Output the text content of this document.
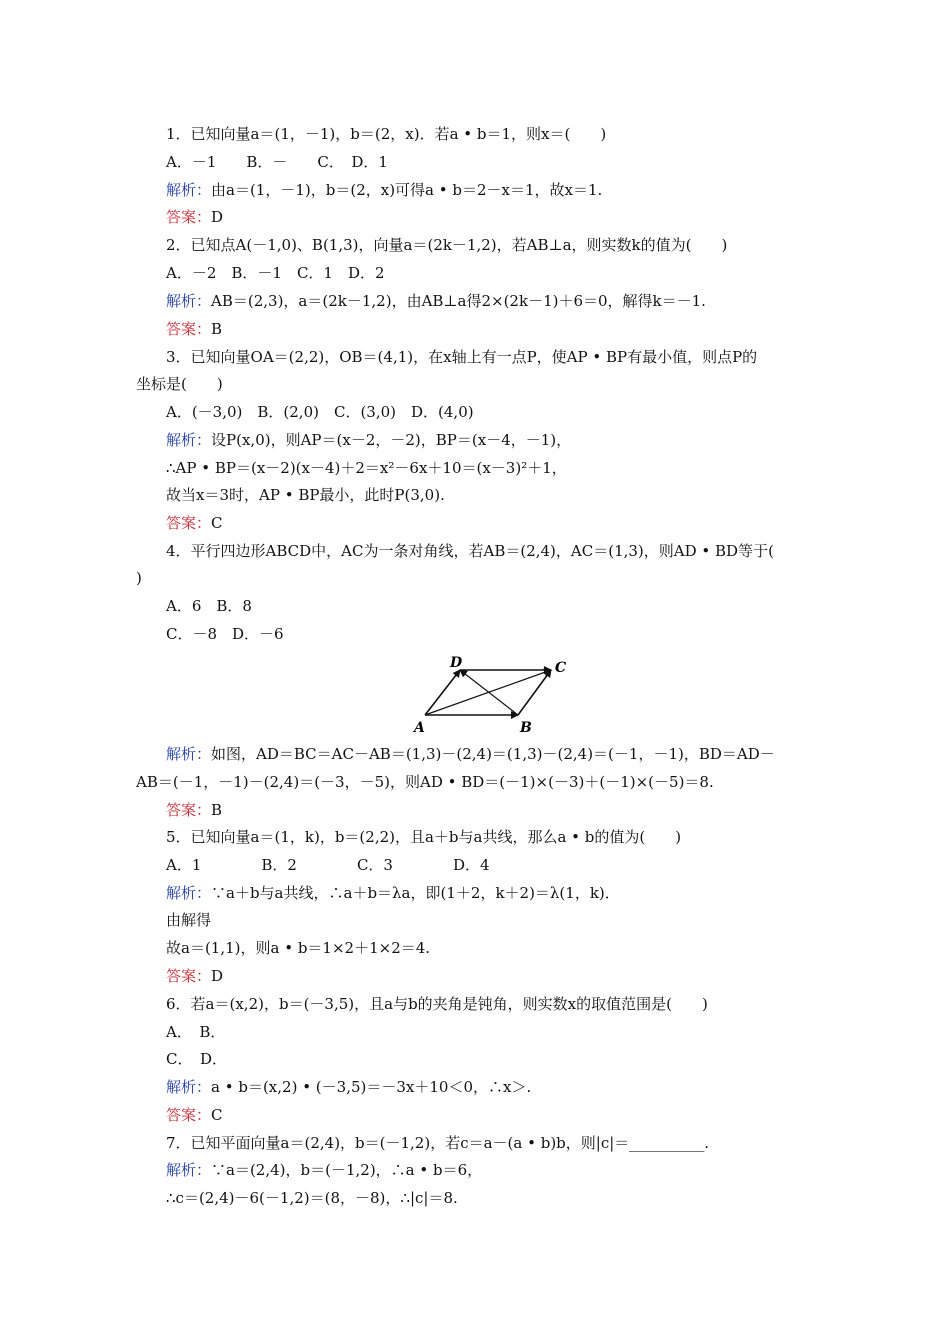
1．已知向量a＝(1，－1)，b＝(2，x)．若a • b＝1，则x＝(　　)
A．－1　　B．－　　C．　D．1
解析：由a＝(1，－1)，b＝(2，x)可得a • b＝2－x＝1，故x＝1.
答案：D
2．已知点A(－1,0)、B(1,3)，向量a＝(2k－1,2)，若AB⊥a，则实数k的值为(　　)
A．－2　B．－1　C．1　D．2
解析：AB＝(2,3)，a＝(2k－1,2)，由AB⊥a得2×(2k－1)＋6＝0，解得k＝－1.
答案：B
3．已知向量OA＝(2,2)，OB＝(4,1)，在x轴上有一点P，使AP • BP有最小值，则点P的
坐标是(　　)
A．(－3,0)　B．(2,0)　C．(3,0)　D．(4,0)
解析：设P(x,0)，则AP＝(x－2，－2)，BP＝(x－4，－1)，
∴AP • BP＝(x－2)(x－4)＋2＝x²－6x＋10＝(x－3)²＋1，
故当x＝3时，AP • BP最小，此时P(3,0).
答案：C
4．平行四边形ABCD中，AC为一条对角线，若AB＝(2,4)，AC＝(1,3)，则AD • BD等于(
)
A．6　B．8
C．－8　D．－6
D	C
A	B
解析：如图，AD＝BC＝AC－AB＝(1,3)－(2,4)＝(1,3)－(2,4)＝(－1，－1)，BD＝AD－
AB＝(－1，－1)－(2,4)＝(－3，－5)，则AD • BD＝(－1)×(－3)＋(－1)×(－5)＝8.
答案：B
5．已知向量a＝(1，k)，b＝(2,2)，且a＋b与a共线，那么a • b的值为(　　)
A．1　　　　B．2　　　　C．3　　　　D．4
解析：∵a＋b与a共线，∴a＋b＝λa，即(1＋2，k＋2)＝λ(1，k)．
由解得
故a＝(1,1)，则a • b＝1×2＋1×2＝4.
答案：D
6．若a＝(x,2)，b＝(－3,5)，且a与b的夹角是钝角，则实数x的取值范围是(　　)
A．　B．
C．　D．
解析：a • b＝(x,2) • (－3,5)＝－3x＋10＜0，∴x＞.
答案：C
7．已知平面向量a＝(2,4)，b＝(－1,2)，若c＝a－(a • b)b，则|c|＝__________.
解析：∵a＝(2,4)，b＝(－1,2)，∴a • b＝6，
∴c＝(2,4)－6(－1,2)＝(8，－8)，∴|c|＝8.
